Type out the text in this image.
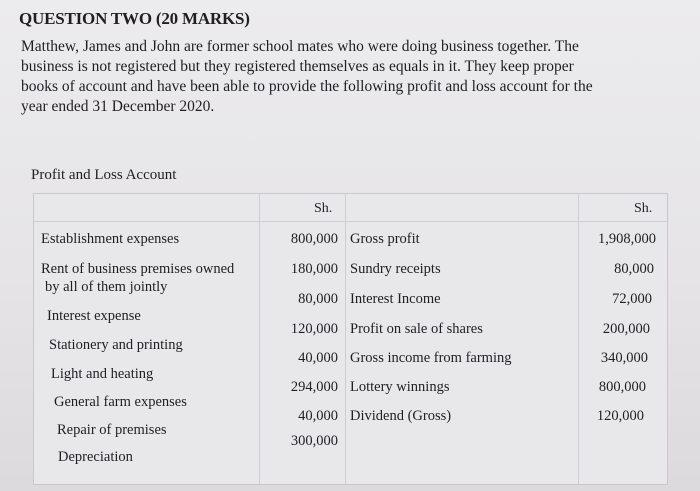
QUESTION TWO (20 MARKS)
Matthew, James and John are former school mates who were doing business together. The
business is not registered but they registered themselves as equals in it. They keep proper
books of account and have been able to provide the following profit and loss account for the
year ended 31 December 2020.
Profit and Loss Account
Sh.	Sh.
Establishment expenses
Rent of business premises owned
by all of them jointly
Interest expense
Stationery and printing
Light and heating
General farm expenses
Repair of premises
Depreciation
800,000
180,000
80,000
120,000
40,000
294,000
40,000
300,000
Gross profit
Sundry receipts
Interest Income
Profit on sale of shares
Gross income from farming
Lottery winnings
Dividend (Gross)
1,908,000
80,000
72,000
200,000
340,000
800,000
120,000
